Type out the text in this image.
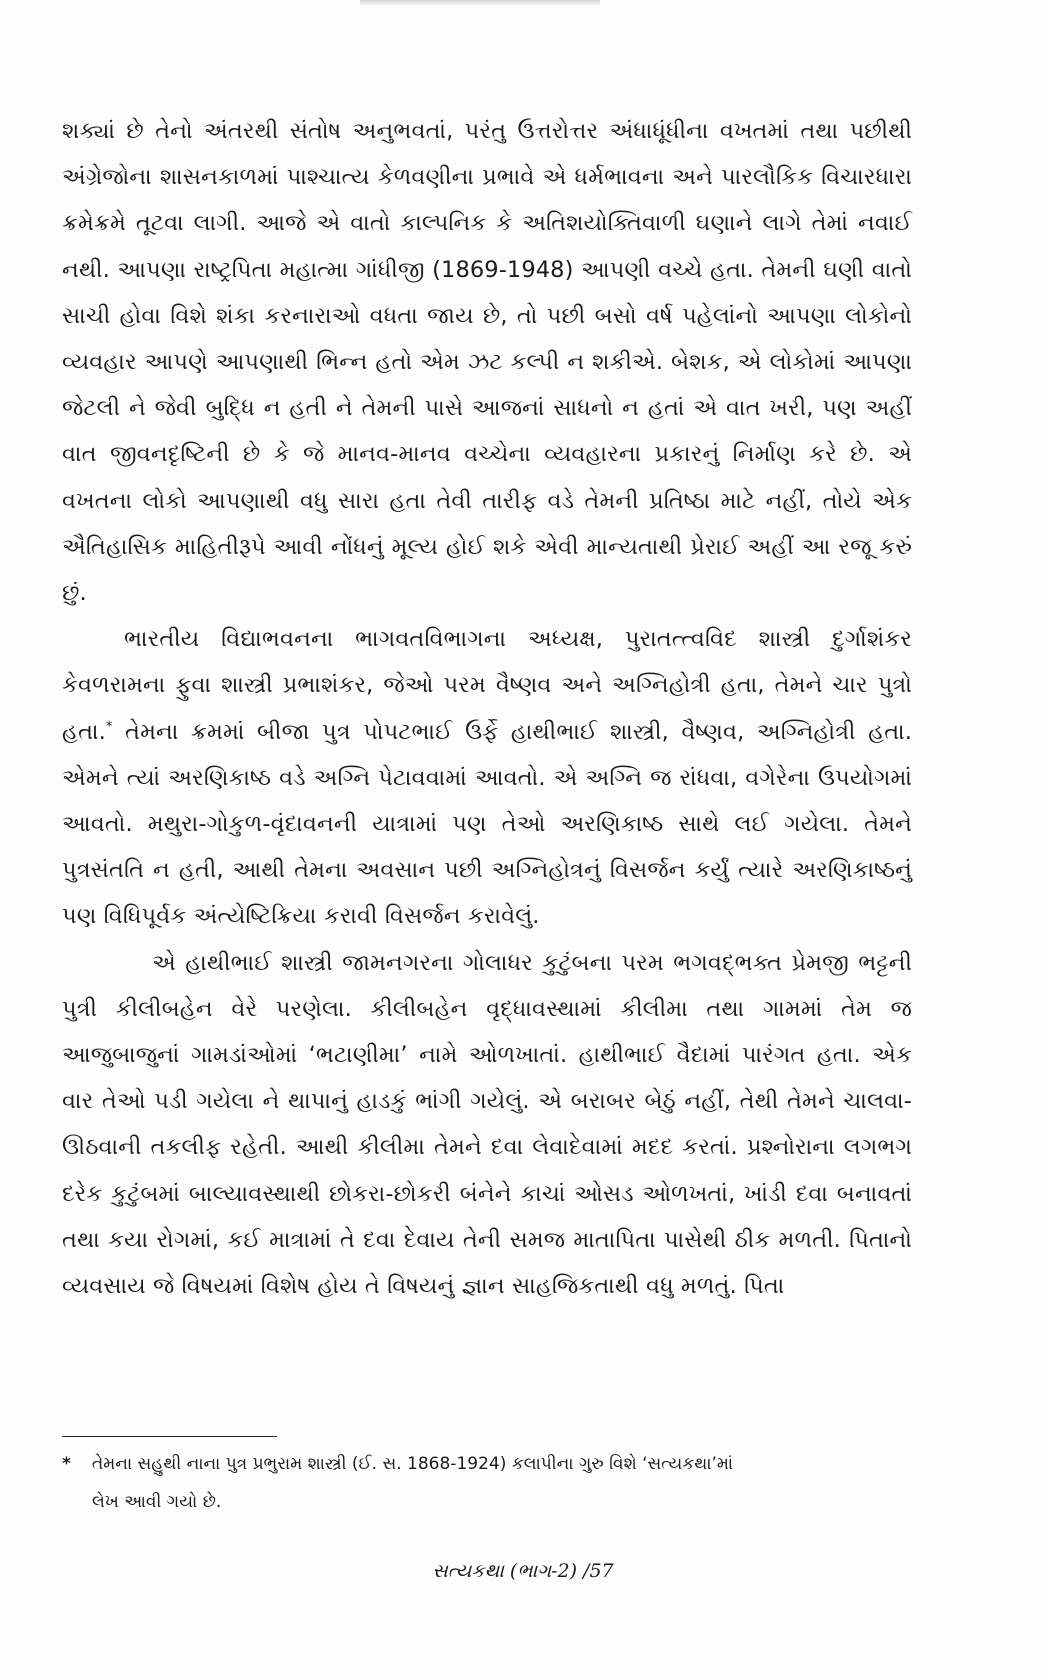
શક્યાં છે તેનો અંતરથી સંતોષ અનુભવતાં, પરંતુ ઉત્તરોત્તર અંધાધૂંધીના વખતમાં તથા પછીથી અંગ્રેજોના શાસનકાળમાં પાશ્ચાત્ય કેળવણીના પ્રભાવે એ ધર્મભાવના અને પારલૌકિક વિચારધારા ક્રમેક્રમે તૂટવા લાગી. આજે એ વાતો કાલ્પનિક કે અતિશયોક્તિવાળી ઘણાને લાગે તેમાં નવાઈ નથી. આપણા રાષ્ટ્રપિતા મહાત્મા ગાંધીજી (1869-1948) આપણી વચ્ચે હતા. તેમની ઘણી વાતો સાચી હોવા વિશે શંકા કરનારાઓ વધતા જાય છે, તો પછી બસો વર્ષ પહેલાંનો આપણા લોકોનો વ્યવહાર આપણે આપણાથી ભિન્ન હતો એમ ઝટ કલ્પી ન શકીએ. બેશક, એ લોકોમાં આપણા જેટલી ને જેવી બુદ્ધિ ન હતી ને તેમની પાસે આજનાં સાધનો ન હતાં એ વાત ખરી, પણ અહીં વાત જીવનદૃષ્ટિની છે કે જે માનવ-માનવ વચ્ચેના વ્યવહારના પ્રકારનું નિર્માણ કરે છે. એ વખતના લોકો આપણાથી વધુ સારા હતા તેવી તારીફ વડે તેમની પ્રતિષ્ઠા માટે નહીં, તોયે એક ઐતિહાસિક માહિતીરૂપે આવી નોંધનું મૂલ્ય હોઈ શકે એવી માન્યતાથી પ્રેરાઈ અહીં આ રજૂ કરું છું.

ભારતીય વિદ્યાભવનના ભાગવતવિભાગના અધ્યક્ષ, પુરાતત્ત્વવિદ શાસ્ત્રી દુર્ગાશંકર કેવળરામના ફુવા શાસ્ત્રી પ્રભાશંકર, જેઓ પરમ વૈષ્ણવ અને અગ્નિહોત્રી હતા, તેમને ચાર પુત્રો હતા.* તેમના ક્રમમાં બીજા પુત્ર પોપટભાઈ ઉર્ફે હાથીભાઈ શાસ્ત્રી, વૈષ્ણવ, અગ્નિહોત્રી હતા. એમને ત્યાં અરણિકાષ્ઠ વડે અગ્નિ પેટાવવામાં આવતો. એ અગ્નિ જ રાંધવા, વગેરેના ઉપયોગમાં આવતો. મથુરા-ગોકુળ-વૃંદાવનની યાત્રામાં પણ તેઓ અરણિકાષ્ઠ સાથે લઈ ગયેલા. તેમને પુત્રસંતતિ ન હતી, આથી તેમના અવસાન પછી અગ્નિહોત્રનું વિસર્જન કર્યું ત્યારે અરણિકાષ્ઠનું પણ વિધિપૂર્વક અંત્યેષ્ટિક્રિયા કરાવી વિસર્જન કરાવેલું.

એ હાથીભાઈ શાસ્ત્રી જામનગરના ગોલાધર કુટુંબના પરમ ભગવદ્ભક્ત પ્રેમજી ભટ્ટની પુત્રી કીલીબહેન વેરે પરણેલા. કીલીબહેન વૃદ્ધાવસ્થામાં કીલીમા તથા ગામમાં તેમ જ આજુબાજુનાં ગામડાંઓમાં ‘ભટાણીમા’ નામે ઓળખાતાં. હાથીભાઈ વૈદામાં પારંગત હતા. એક વાર તેઓ પડી ગયેલા ને થાપાનું હાડકું ભાંગી ગયેલું. એ બરાબર બેઠું નહીં, તેથી તેમને ચાલવા-ઊઠવાની તકલીફ રહેતી. આથી કીલીમા તેમને દવા લેવાદેવામાં મદદ કરતાં. પ્રશ્નોરાના લગભગ દરેક કુટુંબમાં બાલ્યાવસ્થાથી છોકરા-છોકરી બંનેને કાચાં ઓસડ ઓળખતાં, ખાંડી દવા બનાવતાં તથા કયા રોગમાં, કઈ માત્રામાં તે દવા દેવાય તેની સમજ માતાપિતા પાસેથી ઠીક મળતી. પિતાનો વ્યવસાય જે વિષયમાં વિશેષ હોય તે વિષયનું જ્ઞાન સાહજિકતાથી વધુ મળતું. પિતા

* તેમના સહુથી નાના પુત્ર પ્રભુરામ શાસ્ત્રી (ઈ. સ. 1868-1924) કલાપીના ગુરુ વિશે ‘સત્યકથા’માં
લેખ આવી ગયો છે.
સત્યકથા (ભાગ-2) /57
